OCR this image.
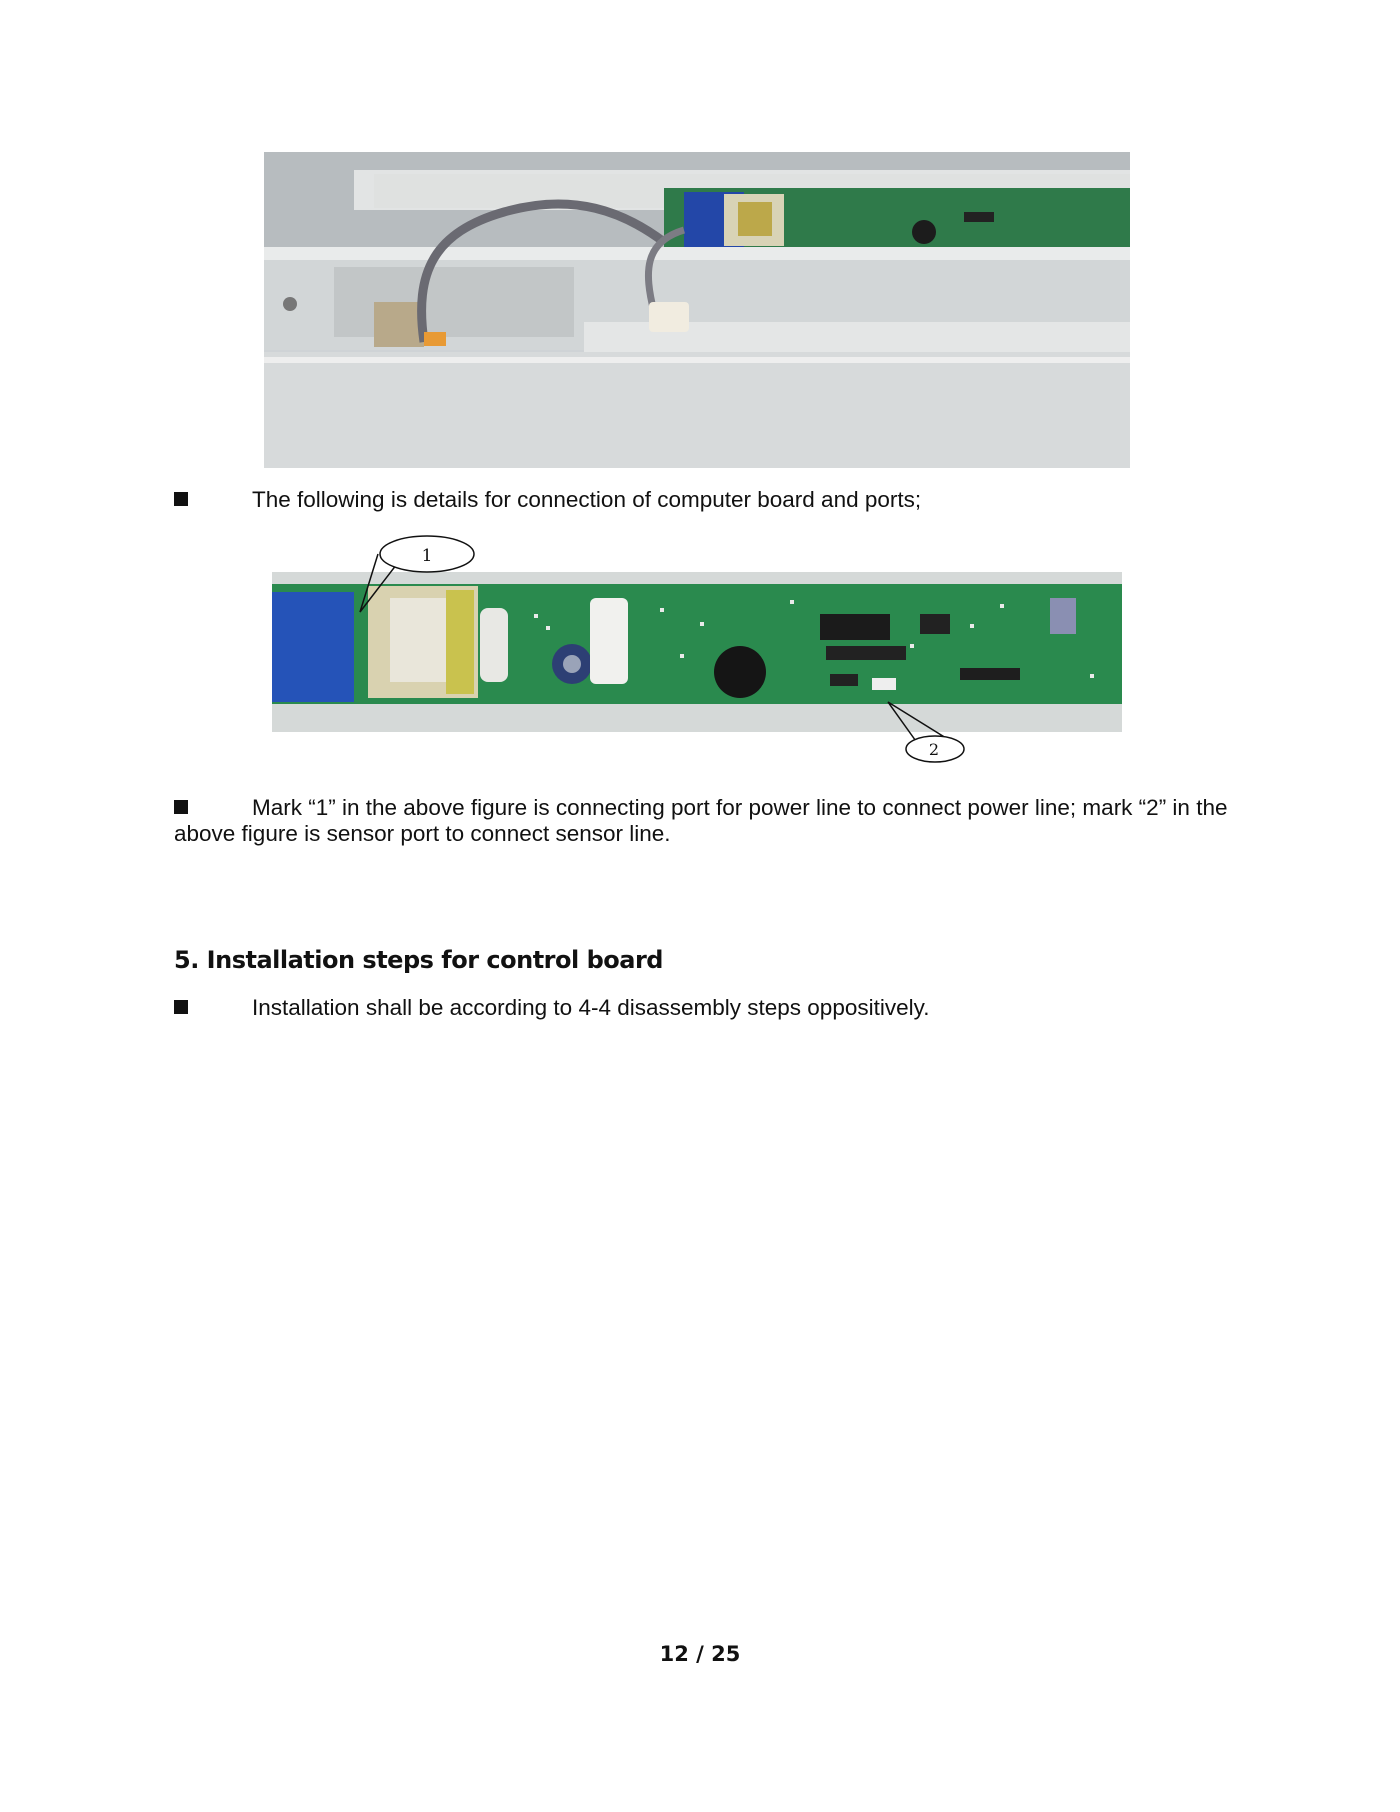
The following is details for connection of computer board and ports;
1
2
Mark “1” in the above figure is connecting port for power line to connect power line; mark “2” in the above figure is sensor port to connect sensor line.
5. Installation steps for control board
Installation shall be according to 4-4 disassembly steps oppositively.
12 / 25
